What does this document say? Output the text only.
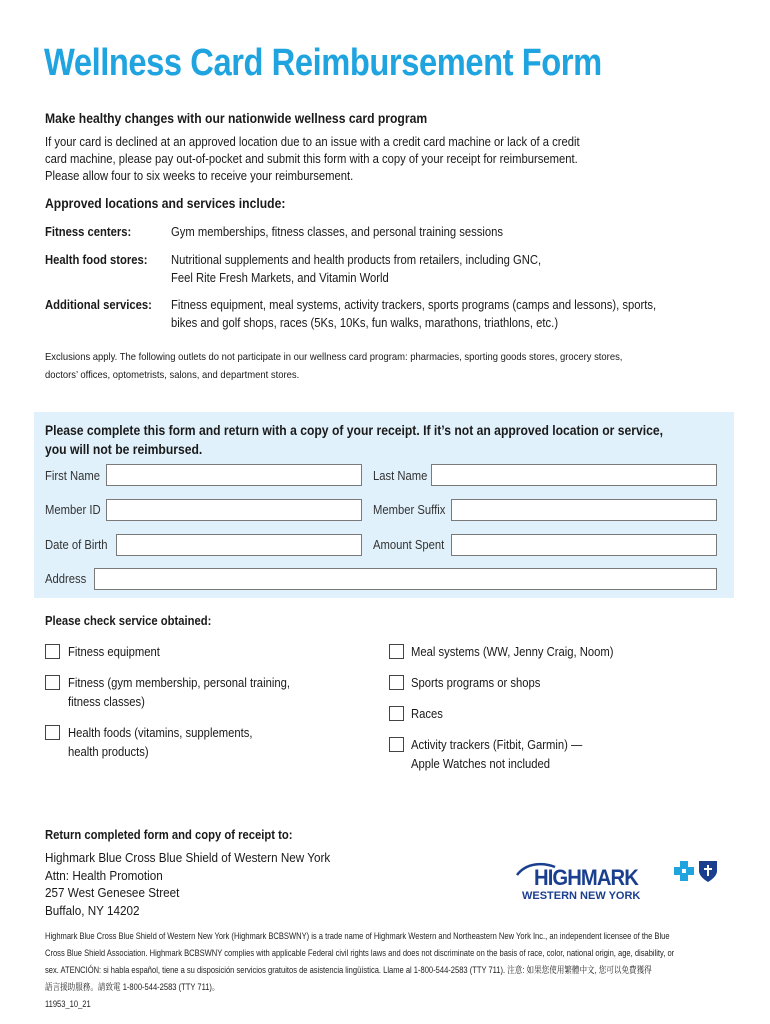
Wellness Card Reimbursement Form
Make healthy changes with our nationwide wellness card program
If your card is declined at an approved location due to an issue with a credit card machine or lack of a credit
card machine, please pay out-of-pocket and submit this form with a copy of your receipt for reimbursement.
Please allow four to six weeks to receive your reimbursement.
Approved locations and services include:
Fitness centers:	Gym memberships, fitness classes, and personal training sessions
Health food stores: Nutritional supplements and health products from retailers, including GNC,
Feel Rite Fresh Markets, and Vitamin World
Additional services: Fitness equipment, meal systems, activity trackers, sports programs (camps and lessons), sports,
bikes and golf shops, races (5Ks, 10Ks, fun walks, marathons, triathlons, etc.)
Exclusions apply. The following outlets do not participate in our wellness card program: pharmacies, sporting goods stores, grocery stores,
doctors’ offices, optometrists, salons, and department stores.
Please complete this form and return with a copy of your receipt. If it’s not an approved location or service,
you will not be reimbursed.
First Name	Last Name
Member ID	Member Suffix
Date of Birth	Amount Spent
Address
Please check service obtained:
Fitness equipment
Fitness (gym membership, personal training,
fitness classes)
Health foods (vitamins, supplements,
health products)
Meal systems (WW, Jenny Craig, Noom)
Sports programs or shops
Races
Activity trackers (Fitbit, Garmin) —
Apple Watches not included
Return completed form and copy of receipt to:
Highmark Blue Cross Blue Shield of Western New York
Attn: Health Promotion
257 West Genesee Street
Buffalo, NY 14202
HIGHMARK
WESTERN NEW YORK
Highmark Blue Cross Blue Shield of Western New York (Highmark BCBSWNY) is a trade name of Highmark Western and Northeastern New York Inc., an independent licensee of the Blue
Cross Blue Shield Association. Highmark BCBSWNY complies with applicable Federal civil rights laws and does not discriminate on the basis of race, color, national origin, age, disability, or
sex. ATENCIÓN: si habla español, tiene a su disposición servicios gratuitos de asistencia lingüística. Llame al 1-800-544-2583 (TTY 711). 注意: 如果您使用繁體中文, 您可以免費獲得
語言援助服務。請致電 1-800-544-2583 (TTY 711)。
11953_10_21
